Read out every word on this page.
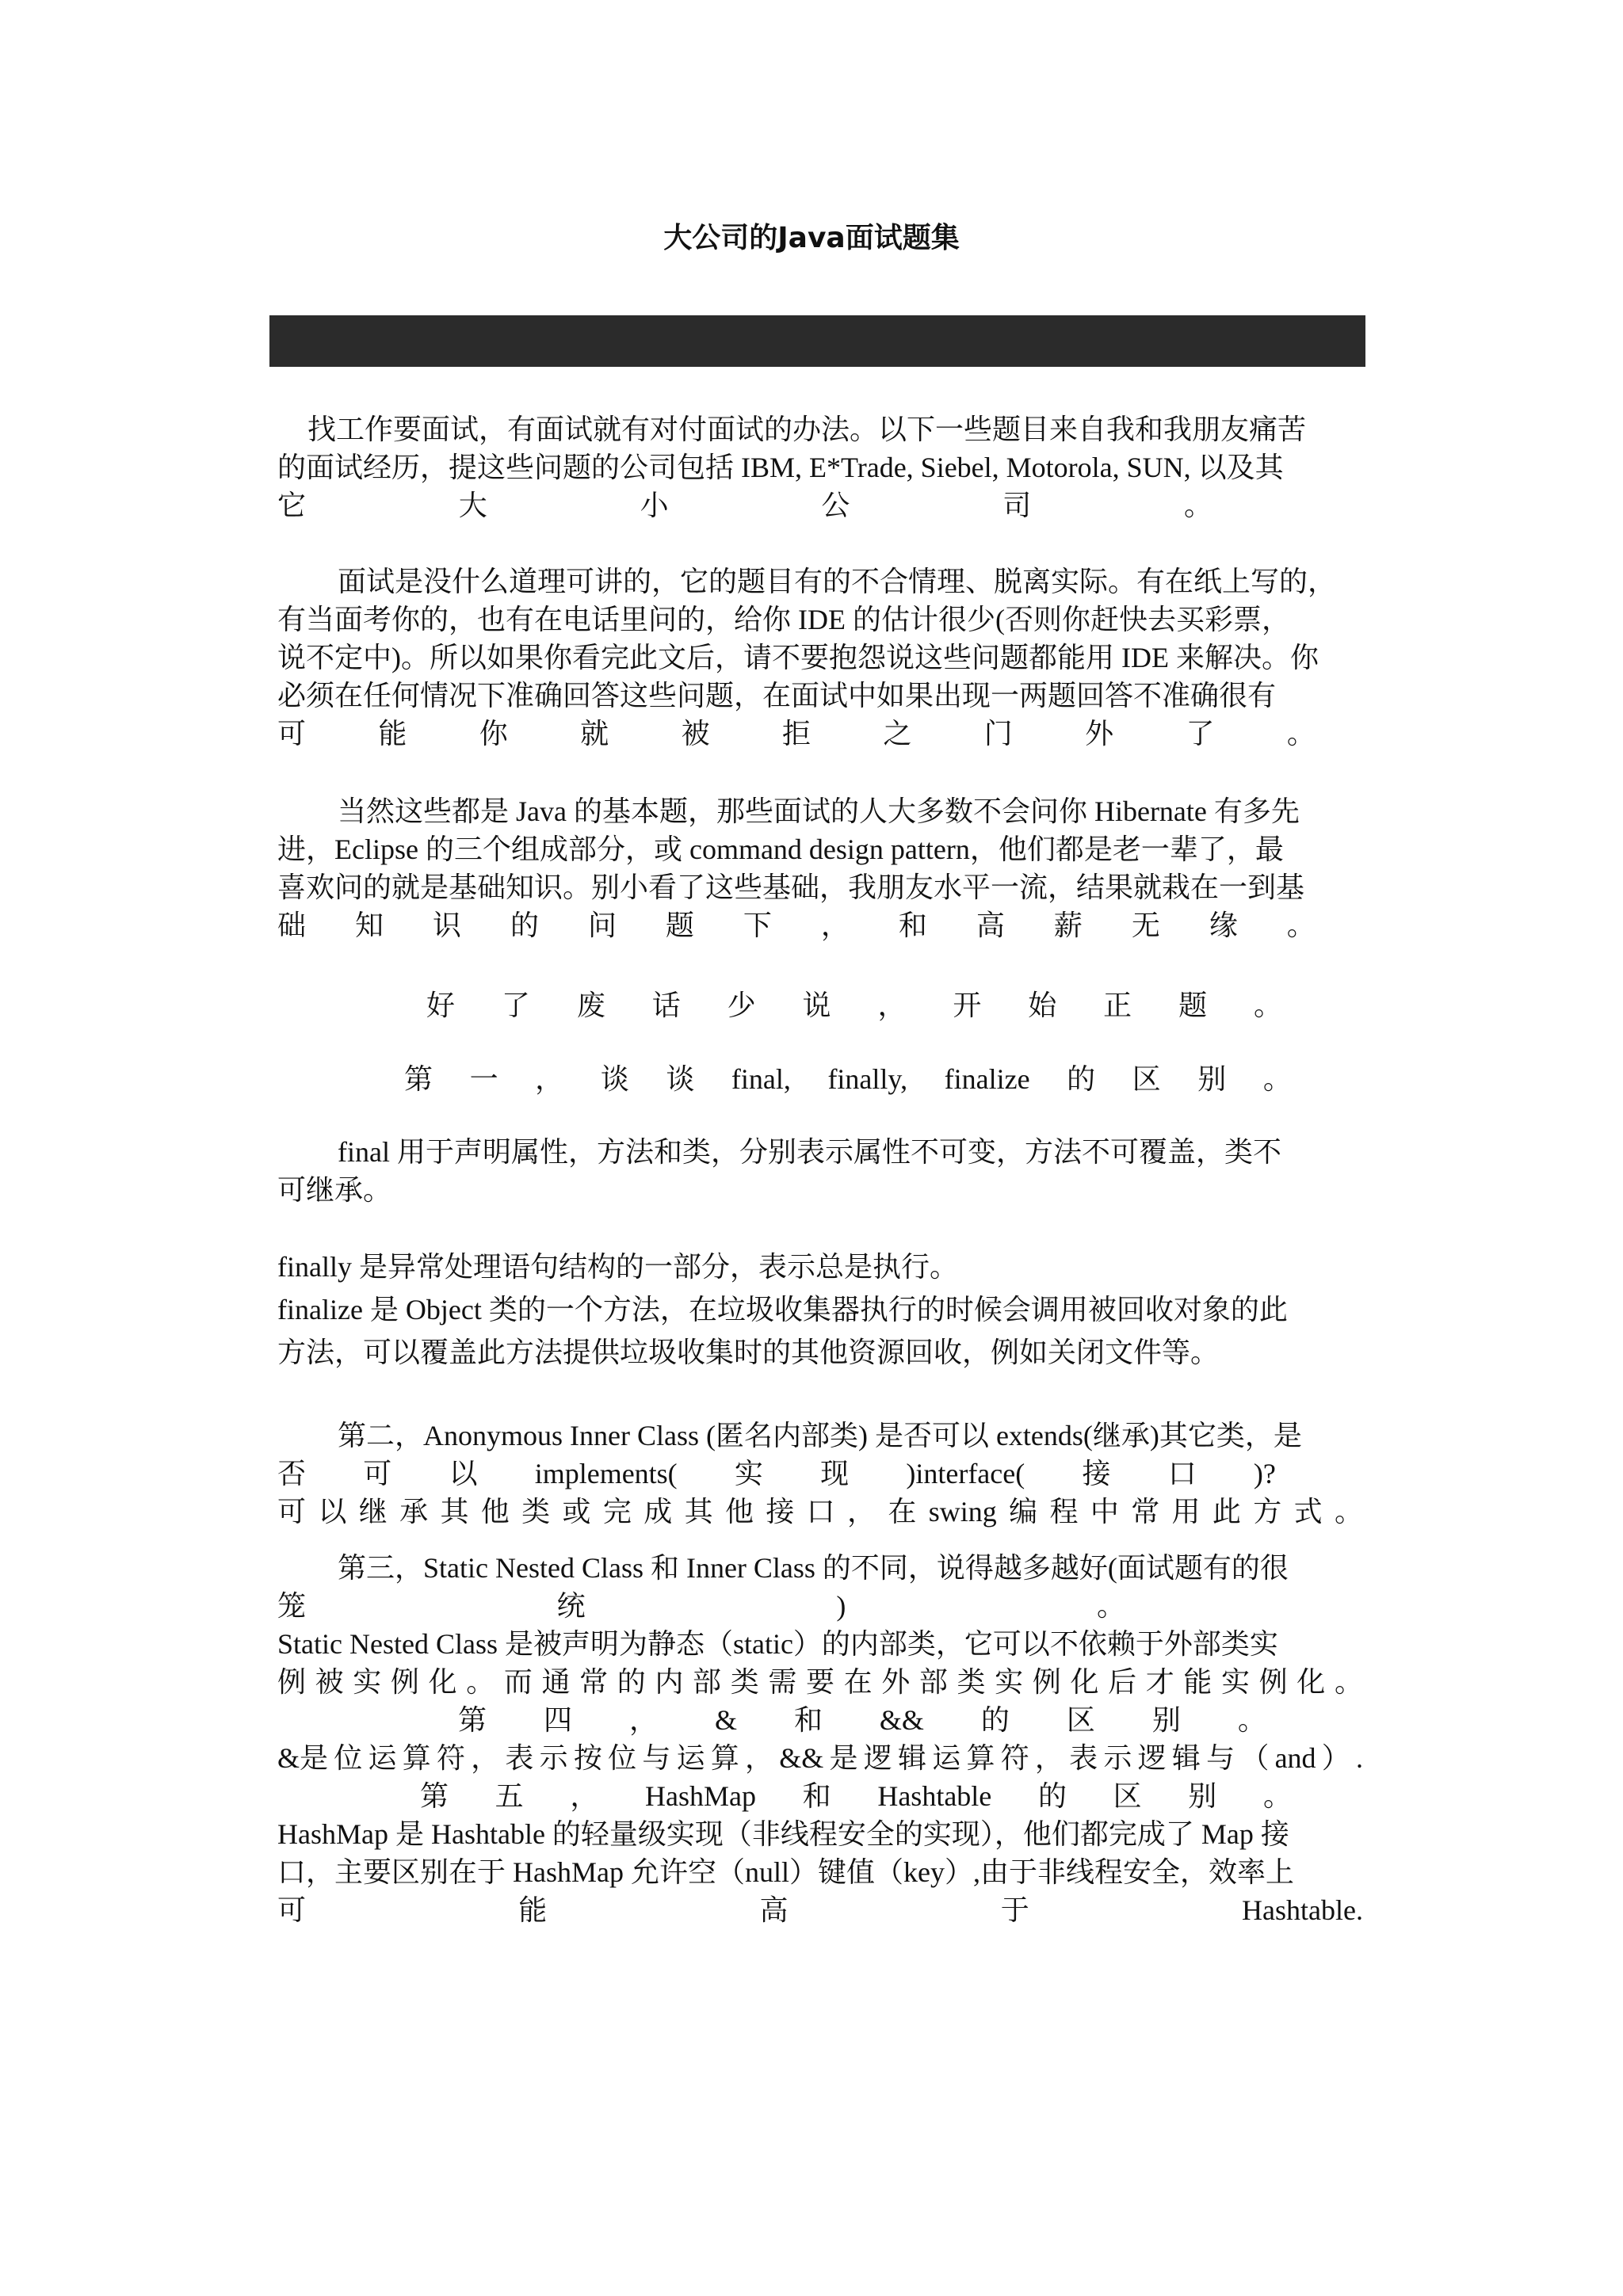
大公司的Java面试题集
找工作要面试，有面试就有对付面试的办法。以下一些题目来自我和我朋友痛苦
的面试经历，提这些问题的公司包括 IBM, E*Trade, Siebel, Motorola, SUN, 以及其
它	大	小	公	司	。
面试是没什么道理可讲的，它的题目有的不合情理、脱离实际。有在纸上写的，
有当面考你的，也有在电话里问的，给你 IDE 的估计很少(否则你赶快去买彩票，
说不定中)。所以如果你看完此文后，请不要抱怨说这些问题都能用 IDE 来解决。你
必须在任何情况下准确回答这些问题，在面试中如果出现一两题回答不准确很有
可	能	你	就	被	拒	之	门	外	了	。
当然这些都是 Java 的基本题，那些面试的人大多数不会问你 Hibernate 有多先
进，Eclipse 的三个组成部分，或 command design pattern，他们都是老一辈了，最
喜欢问的就是基础知识。别小看了这些基础，我朋友水平一流，结果就栽在一到基
础 知 识 的 问 题 下 ， 和 高 薪 无 缘 。
好 了 废 话 少 说 ， 开 始 正 题 。
第 一 ， 谈 谈 final, finally, finalize 的 区 别 。
final 用于声明属性，方法和类，分别表示属性不可变，方法不可覆盖，类不
可继承。
finally 是异常处理语句结构的一部分，表示总是执行。
finalize 是 Object 类的一个方法，在垃圾收集器执行的时候会调用被回收对象的此
方法，可以覆盖此方法提供垃圾收集时的其他资源回收，例如关闭文件等。
第二，Anonymous Inner Class (匿名内部类) 是否可以 extends(继承)其它类，是
否 可 以 implements( 实 现 )interface( 接 口 )?
可 以 继 承 其 他 类 或 完 成 其 他 接 口 ， 在 swing 编 程 中 常 用 此 方 式 。
第三，Static Nested Class 和 Inner Class 的不同，说得越多越好(面试题有的很
笼	统	)	。
Static Nested Class 是被声明为静态（static）的内部类，它可以不依赖于外部类实
例 被 实 例 化 。 而 通 常 的 内 部 类 需 要 在 外 部 类 实 例 化 后 才 能 实 例 化 。
第 四 ， & 和 && 的 区 别 。
&是 位 运 算 符 ， 表 示 按 位 与 运 算 ， && 是 逻 辑 运 算 符 ， 表 示 逻 辑 与 （ and ） .
第 五 ， HashMap 和 Hashtable 的 区 别 。
HashMap 是 Hashtable 的轻量级实现（非线程安全的实现），他们都完成了 Map 接
口，主要区别在于 HashMap 允许空（null）键值（key）,由于非线程安全，效率上
可	能	高	于	Hashtable.
